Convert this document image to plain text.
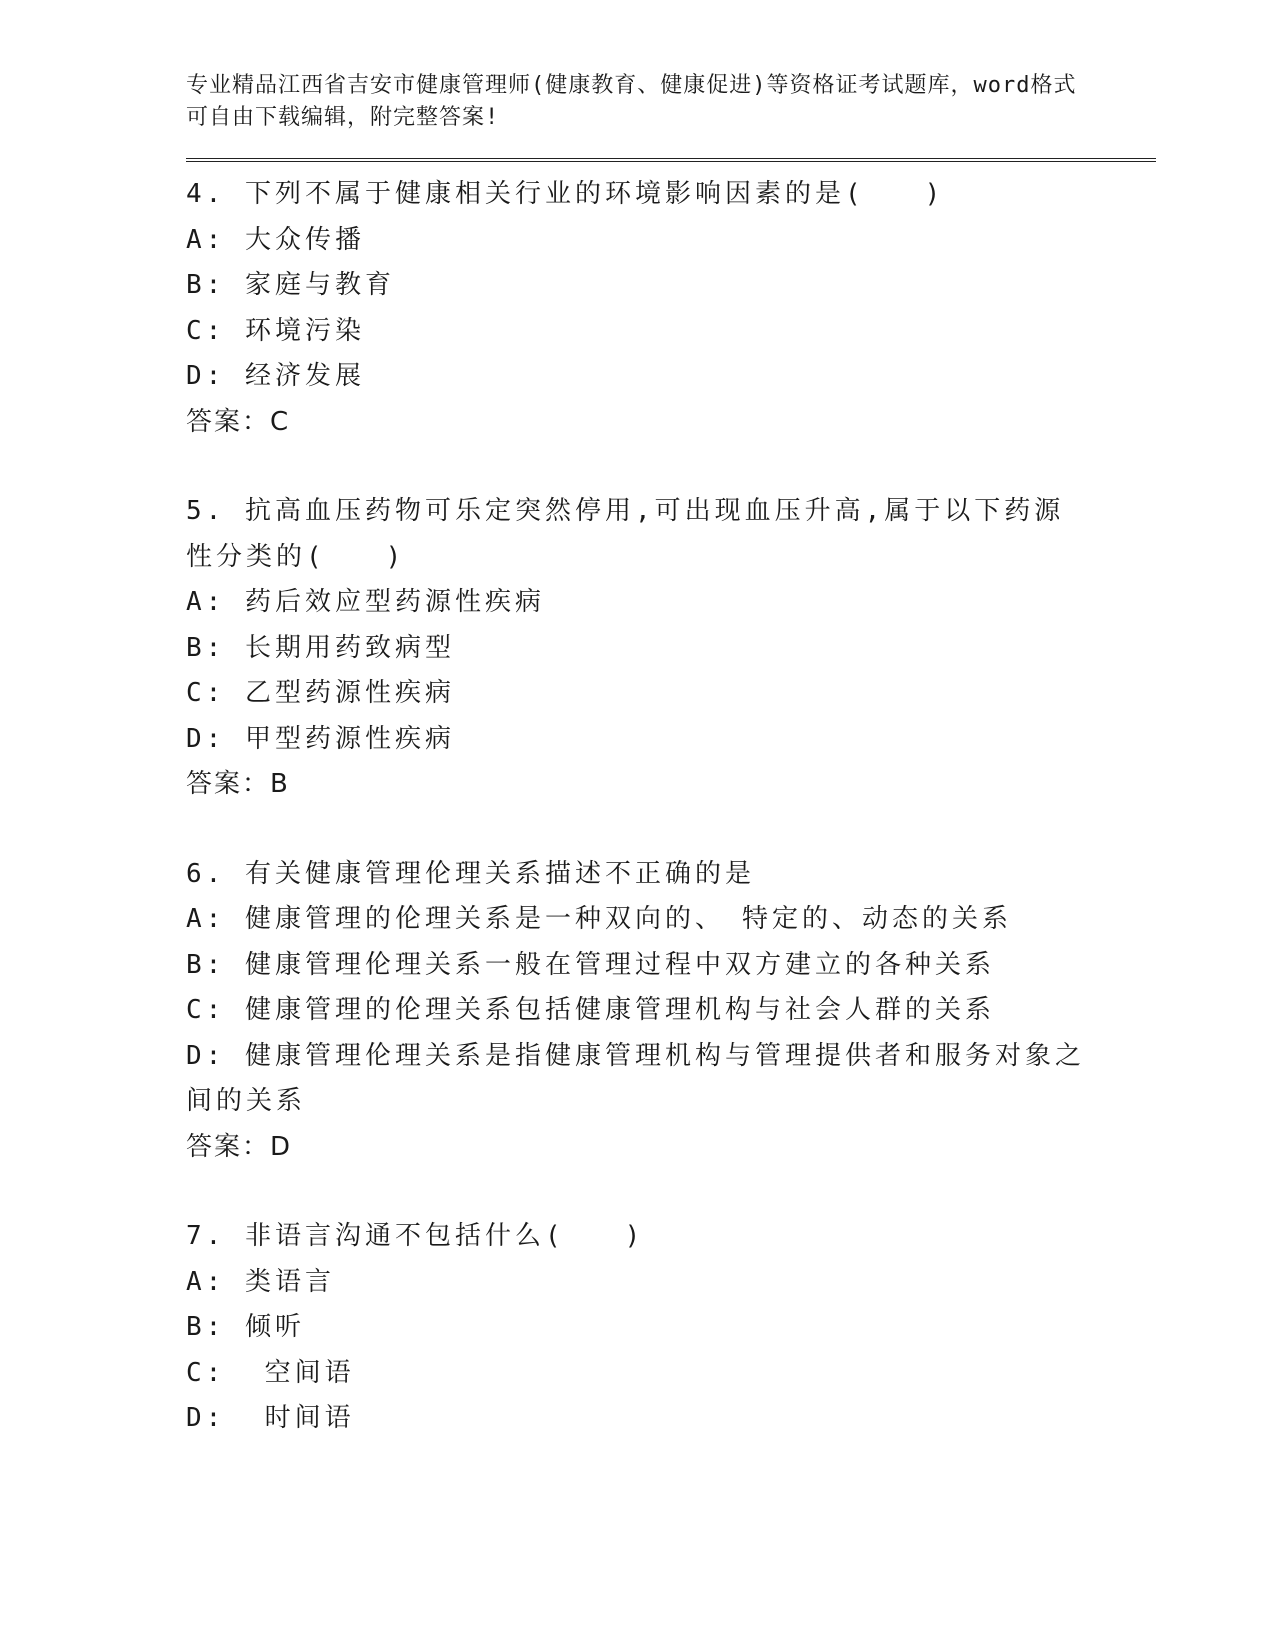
专业精品江西省吉安市健康管理师(健康教育、健康促进)等资格证考试题库，word格式可自由下载编辑，附完整答案!
4. 下列不属于健康相关行业的环境影响因素的是(　　)
A: 大众传播
B: 家庭与教育
C: 环境污染
D: 经济发展
答案：C
5. 抗高血压药物可乐定突然停用,可出现血压升高,属于以下药源性分类的(　　)
A: 药后效应型药源性疾病
B: 长期用药致病型
C: 乙型药源性疾病
D: 甲型药源性疾病
答案：B
6. 有关健康管理伦理关系描述不正确的是
A: 健康管理的伦理关系是一种双向的、　特定的、动态的关系
B: 健康管理伦理关系一般在管理过程中双方建立的各种关系
C: 健康管理的伦理关系包括健康管理机构与社会人群的关系
D: 健康管理伦理关系是指健康管理机构与管理提供者和服务对象之间的关系
答案：D
7. 非语言沟通不包括什么(　　)
A: 类语言
B: 倾听
C:  空间语
D:  时间语
